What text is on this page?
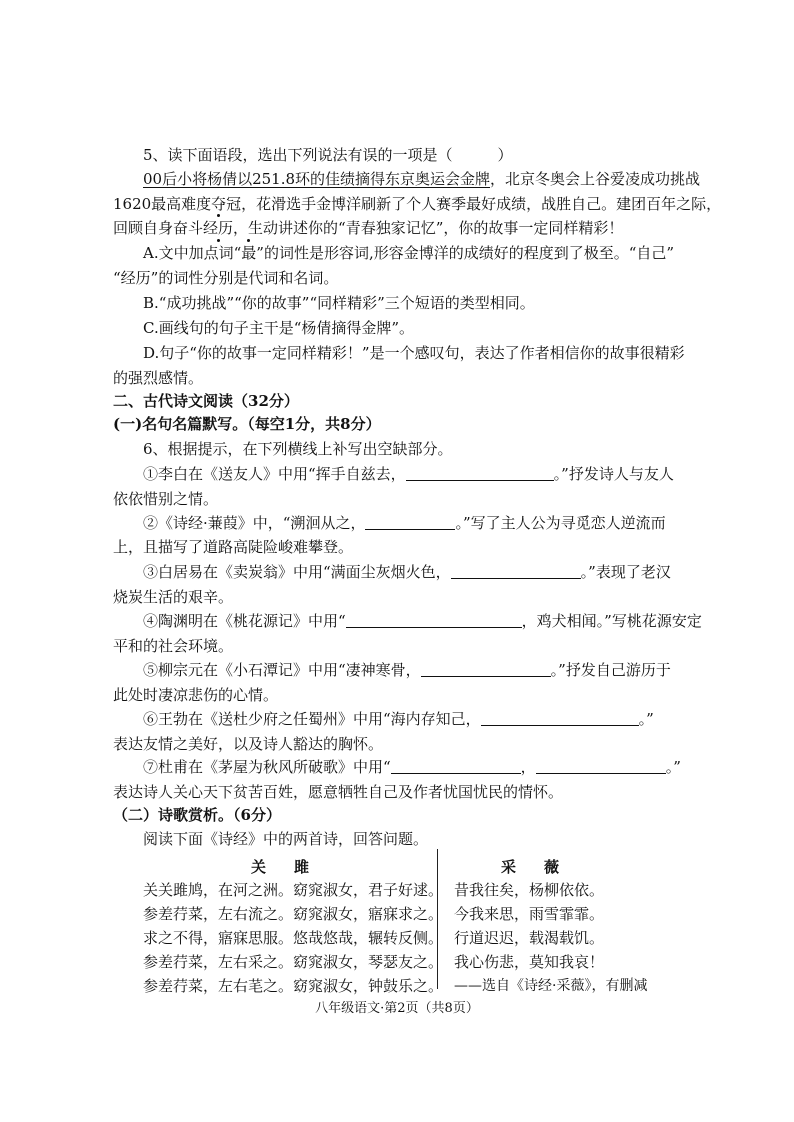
5、读下面语段，选出下列说法有误的一项是（　　　）
00后小将杨倩以251.8环的佳绩摘得东京奥运会金牌，北京冬奥会上谷爱凌成功挑战
1620最高难度夺冠，花滑选手金博洋刷新了个人赛季最好成绩，战胜自己。建团百年之际，
回顾自身奋斗经历，生动讲述你的“青春独家记忆”，你的故事一定同样精彩！
A.文中加点词“最”的词性是形容词,形容金博洋的成绩好的程度到了极至。“自己”
“经历”的词性分别是代词和名词。
B.“成功挑战”“你的故事”“同样精彩”三个短语的类型相同。
C.画线句的句子主干是“杨倩摘得金牌”。
D.句子“你的故事一定同样精彩！”是一个感叹句，表达了作者相信你的故事很精彩
的强烈感情。
二、古代诗文阅读（32分）
(一)名句名篇默写。（每空1分，共8分）
6、根据提示，在下列横线上补写出空缺部分。
①李白在《送友人》中用“挥手自兹去，	。”抒发诗人与友人
依依惜别之情。
②《诗经·蒹葭》中，“溯洄从之，	。”写了主人公为寻觅恋人逆流而
上，且描写了道路高陡险峻难攀登。
③白居易在《卖炭翁》中用“满面尘灰烟火色，	。”表现了老汉
烧炭生活的艰辛。
④陶渊明在《桃花源记》中用“	，鸡犬相闻。”写桃花源安定
平和的社会环境。
⑤柳宗元在《小石潭记》中用“凄神寒骨，	。”抒发自己游历于
此处时凄凉悲伤的心情。
⑥王勃在《送杜少府之任蜀州》中用“海内存知己，	。”
表达友情之美好，以及诗人豁达的胸怀。
⑦杜甫在《茅屋为秋风所破歌》中用“	，	。”
表达诗人关心天下贫苦百姓，愿意牺牲自己及作者忧国忧民的情怀。
（二）诗歌赏析。（6分）
阅读下面《诗经》中的两首诗，回答问题。
关雎	采薇
关关雎鸠，在河之洲。窈窕淑女，君子好逑。
参差荇菜，左右流之。窈窕淑女，寤寐求之。
求之不得，寤寐思服。悠哉悠哉，辗转反侧。
参差荇菜，左右采之。窈窕淑女，琴瑟友之。
参差荇菜，左右芼之。窈窕淑女，钟鼓乐之。
昔我往矣，杨柳依依。
今我来思，雨雪霏霏。
行道迟迟，载渴载饥。
我心伤悲，莫知我哀！
——选自《诗经·采薇》，有删减
八年级语文·第2页（共8页）
